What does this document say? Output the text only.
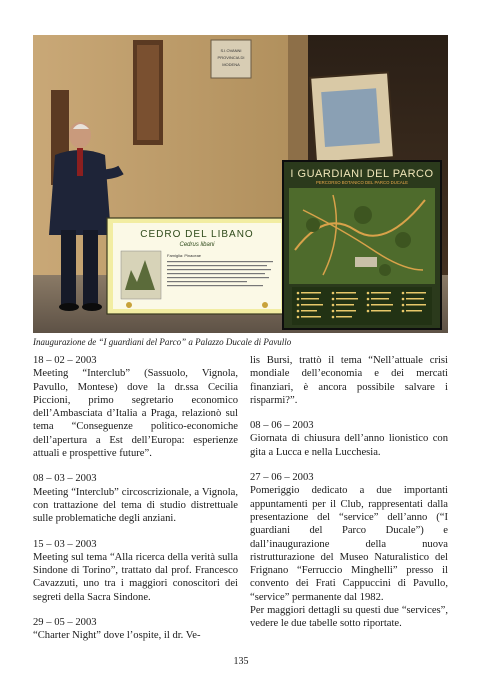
S.I.OVANNI
PROVINCIA DI
MODENA
CEDRO DEL LIBANO
Cedrus libani
Famiglia: Pinaceae
I GUARDIANI DEL PARCO
PERCORSO BOTANICO DEL PARCO DUCALE
Inaugurazione de “I guardiani del Parco” a Palazzo Ducale di Pavullo

18 – 02 – 2003

Meeting “Interclub” (Sassuolo, Vignola, Pavullo, Montese) dove la dr.ssa Cecilia Piccioni, primo segretario economico dell’Ambasciata d’Italia a Praga, relazionò sul tema “Conseguenze politico-economiche dell’apertura a Est dell’Europa: esperienze attuali e prospettive future”.

08 – 03 – 2003

Meeting “Interclub” circoscrizionale, a Vignola, con trattazione del tema di studio distrettuale sulle problematiche degli anziani.

15 – 03 – 2003

Meeting sul tema “Alla ricerca della verità sulla Sindone di Torino”, trattato dal prof. Francesco Cavazzuti, uno tra i maggiori conoscitori dei segreti della Sacra Sindone.

29 – 05 – 2003

“Charter Night” dove l’ospite, il dr. Ve-

lis Bursi, trattò il tema “Nell’attuale crisi mondiale dell’economia e dei mercati finanziari, è ancora possibile salvare i risparmi?”.

08 – 06 – 2003

Giornata di chiusura dell’anno lionistico con gita a Lucca e nella Lucchesia.

27 – 06 – 2003

Pomeriggio dedicato a due importanti appuntamenti per il Club, rappresentati dalla presentazione del “service” dell’anno (“I guardiani del Parco Ducale”) e dall’inaugurazione della nuova ristrutturazione del Museo Naturalistico del Frignano “Ferruccio Minghelli” presso il convento dei Frati Cappuccini di Pavullo, “service” permanente dal 1982.

Per maggiori dettagli su questi due “services”, vedere le due tabelle sotto riportate.

135
